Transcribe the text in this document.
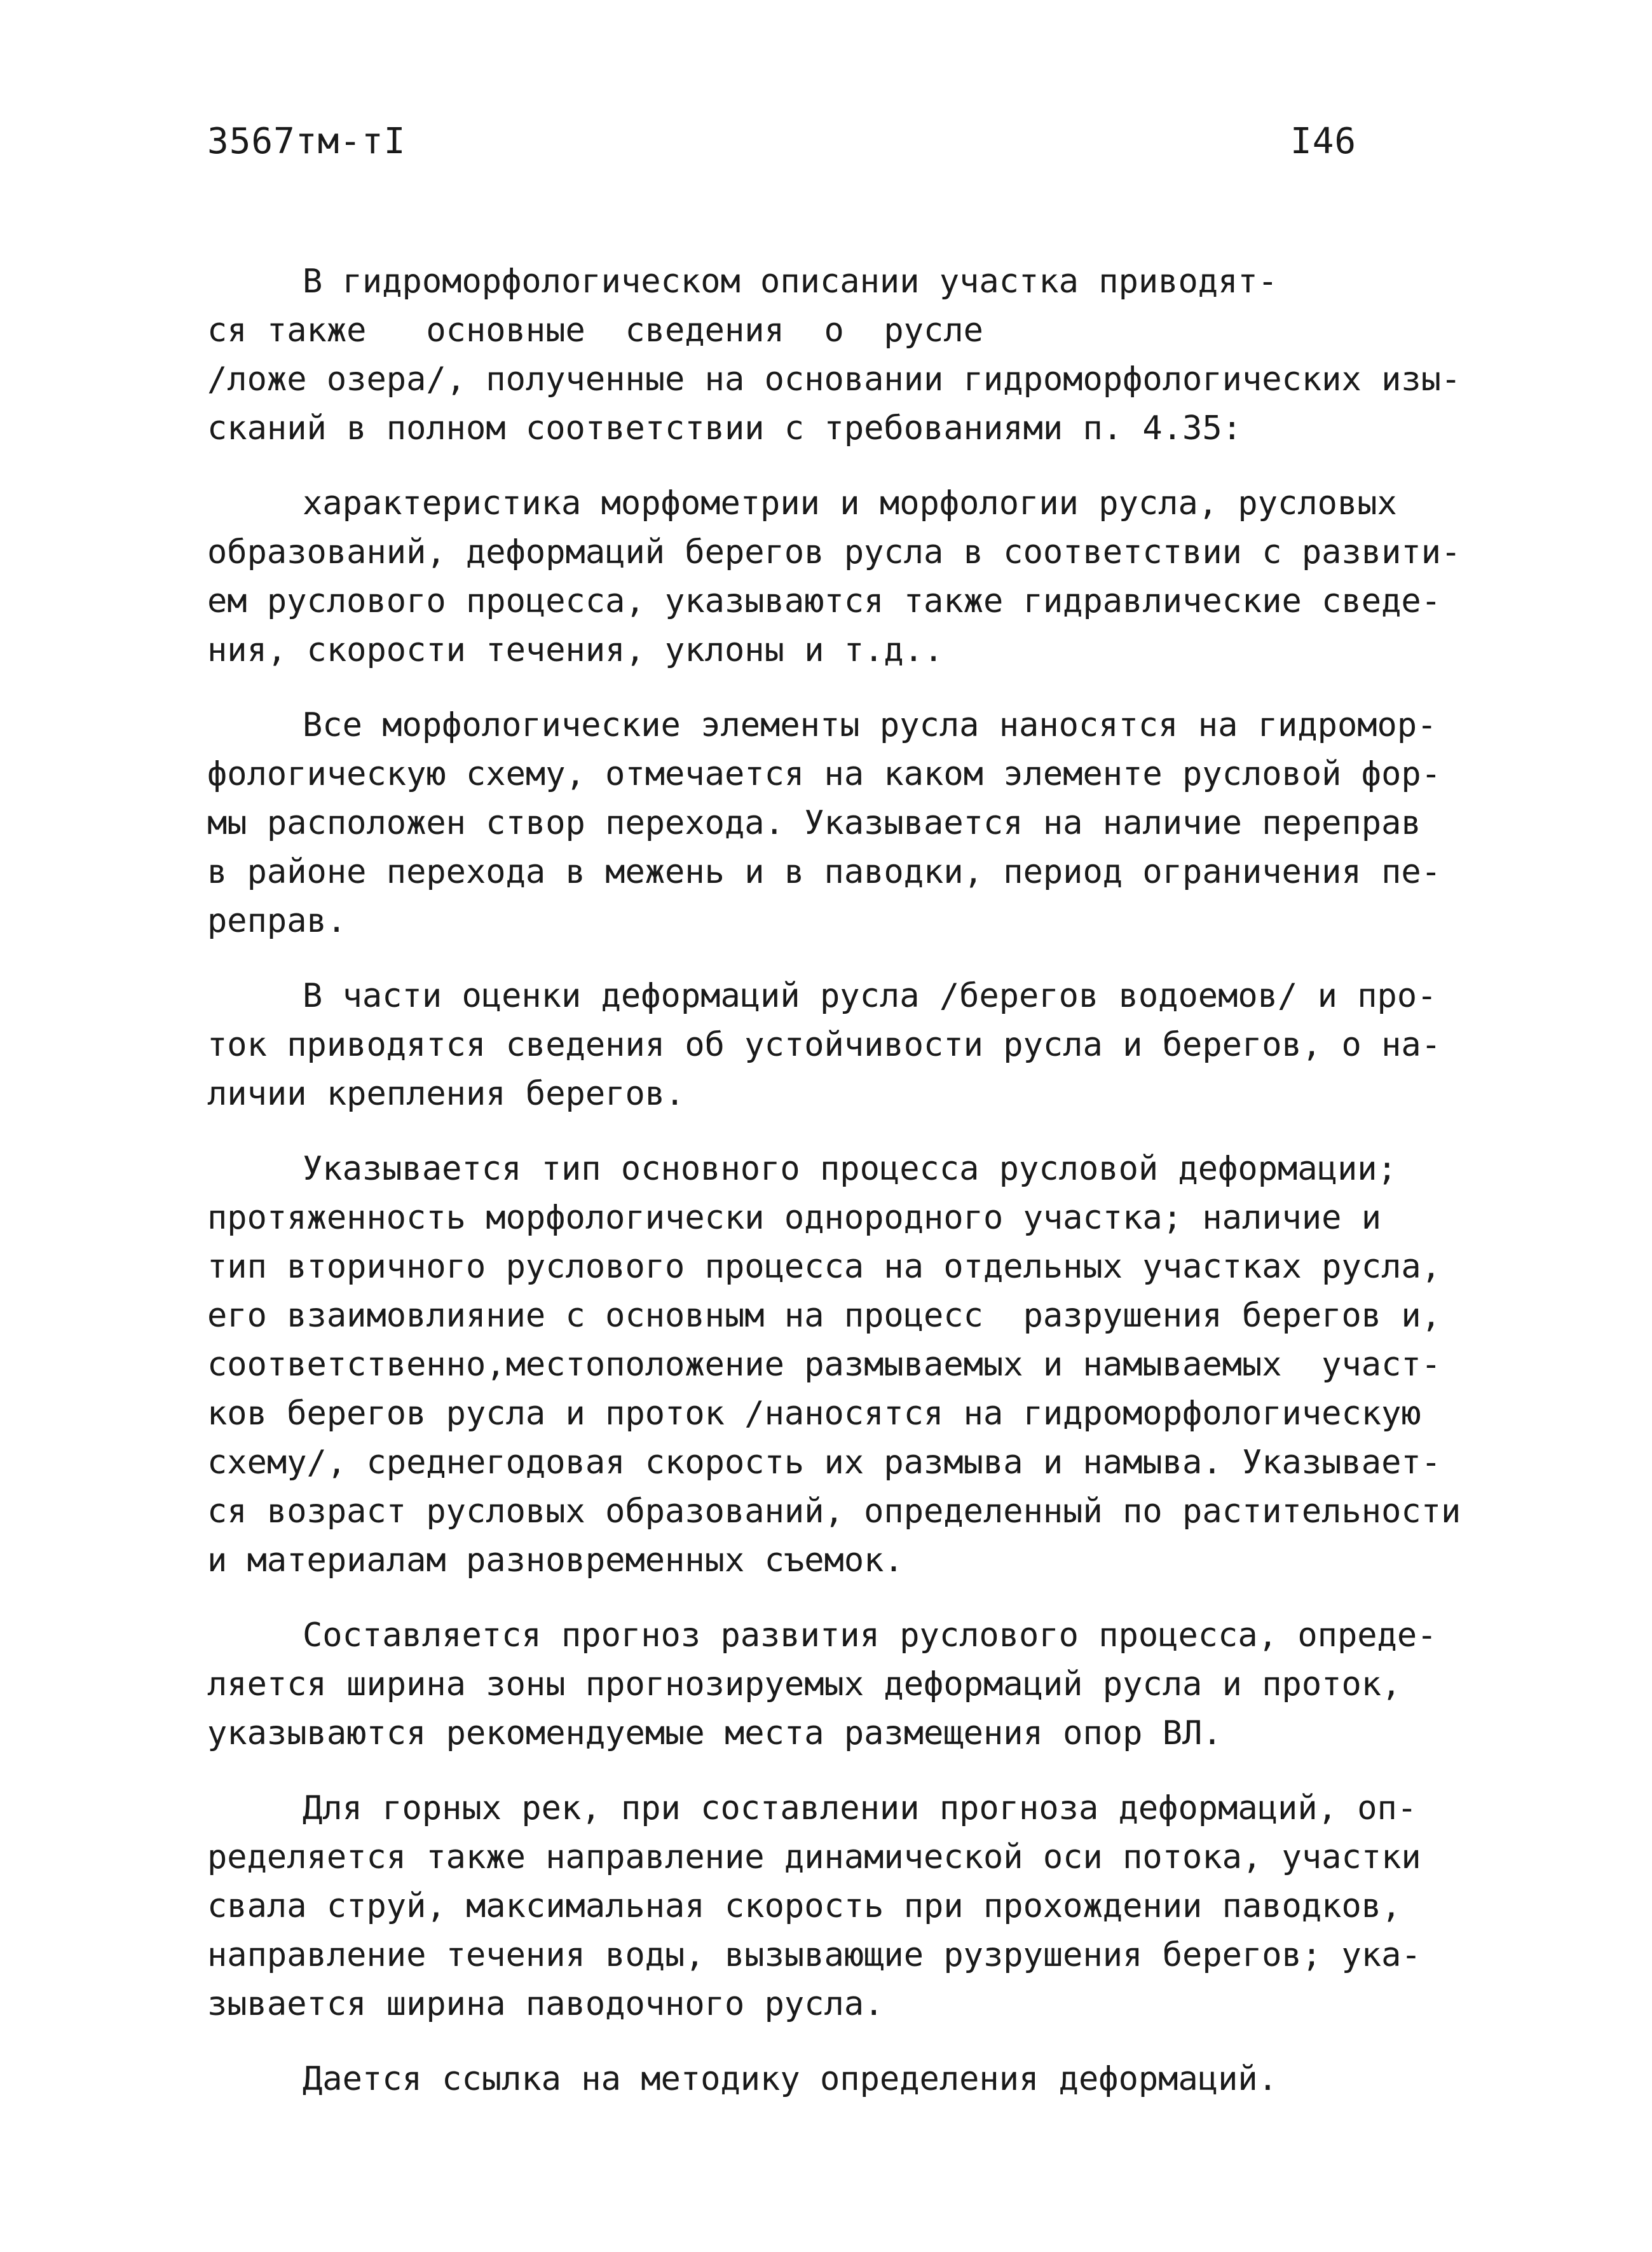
3567тм-тI	I46
В гидроморфологическом описании участка приводят-
ся также   основные  сведения  о  русле
/ложе озера/, полученные на основании гидроморфологических изы-
сканий в полном соответствии с требованиями п. 4.35:
характеристика морфометрии и морфологии русла, русловых
образований, деформаций берегов русла в соответствии с развити-
ем руслового процесса, указываются также гидравлические сведе-
ния, скорости течения, уклоны и т.д..
Все морфологические элементы русла наносятся на гидромор-
фологическую схему, отмечается на каком элементе русловой фор-
мы расположен створ перехода. Указывается на наличие переправ
в районе перехода в межень и в паводки, период ограничения пе-
реправ.
В части оценки деформаций русла /берегов водоемов/ и про-
ток приводятся сведения об устойчивости русла и берегов, о на-
личии крепления берегов.
Указывается тип основного процесса русловой деформации;
протяженность морфологически однородного участка; наличие и
тип вторичного руслового процесса на отдельных участках русла,
его взаимовлияние с основным на процесс  разрушения берегов и,
соответственно,местоположение размываемых и намываемых  участ-
ков берегов русла и проток /наносятся на гидроморфологическую
схему/, среднегодовая скорость их размыва и намыва. Указывает-
ся возраст русловых образований, определенный по растительности
и материалам разновременных съемок.
Составляется прогноз развития руслового процесса, опреде-
ляется ширина зоны прогнозируемых деформаций русла и проток,
указываются рекомендуемые места размещения опор ВЛ.
Для горных рек, при составлении прогноза деформаций, оп-
ределяется также направление динамической оси потока, участки
свала струй, максимальная скорость при прохождении паводков,
направление течения воды, вызывающие рузрушения берегов; ука-
зывается ширина паводочного русла.
Дается ссылка на методику определения деформаций.
